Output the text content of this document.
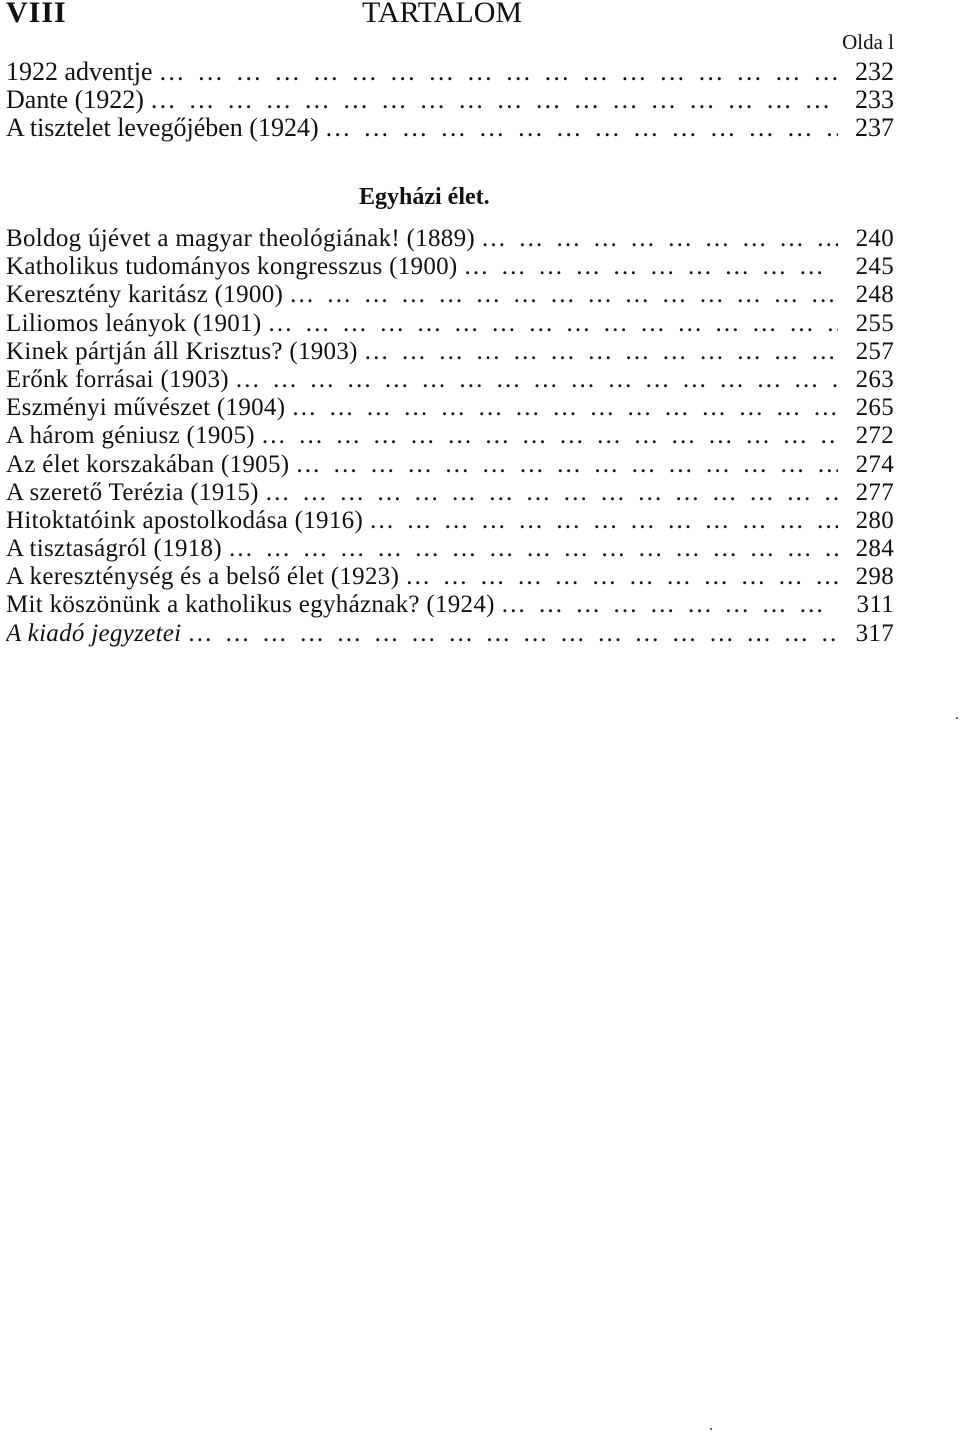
VIII	TARTALOM
Olda l
1922 adventje … … … … … … … … … … … … … … … … … … … … … … … … … … … … … …	232
Dante (1922) … … … … … … … … … … … … … … … … … … … … … … … … … … … … … …	233
A tisztelet levegőjében (1924) … … … … … … … … … … … … … … … … … … … … … … … … … … … … … …	237
Egyházi élet.
Boldog újévet a magyar theológiának! (1889) … … … … … … … … … … … … … … … … … … … … … … … … … … … … … …	240
Katholikus tudományos kongresszus (1900) … … … … … … … … … … … … … … … … … … … … … … … … … … … … … …	245
Keresztény karitász (1900) … … … … … … … … … … … … … … … … … … … … … … … … … … … … … …	248
Liliomos leányok (1901) … … … … … … … … … … … … … … … … … … … … … … … … … … … … … …	255
Kinek pártján áll Krisztus? (1903) … … … … … … … … … … … … … … … … … … … … … … … … … … … … … …	257
Erőnk forrásai (1903) … … … … … … … … … … … … … … … … … … … … … … … … … … … … … …	263
Eszményi művészet (1904) … … … … … … … … … … … … … … … … … … … … … … … … … … … … … …	265
A három géniusz (1905) … … … … … … … … … … … … … … … … … … … … … … … … … … … … … …	272
Az élet korszakában (1905) … … … … … … … … … … … … … … … … … … … … … … … … … … … … … …	274
A szerető Terézia (1915) … … … … … … … … … … … … … … … … … … … … … … … … … … … … … …	277
Hitoktatóink apostolkodása (1916) … … … … … … … … … … … … … … … … … … … … … … … … … … … … … …	280
A tisztaságról (1918) … … … … … … … … … … … … … … … … … … … … … … … … … … … … … …	284
A kereszténység és a belső élet (1923) … … … … … … … … … … … … … … … … … … … … … … … … … … … … … …	298
Mit köszönünk a katholikus egyháznak? (1924) … … … … … … … … … … … … … … … … … … … … … … … … … … … … … …	311
A kiadó jegyzetei … … … … … … … … … … … … … … … … … … … … … … … … … … … … … …	317
